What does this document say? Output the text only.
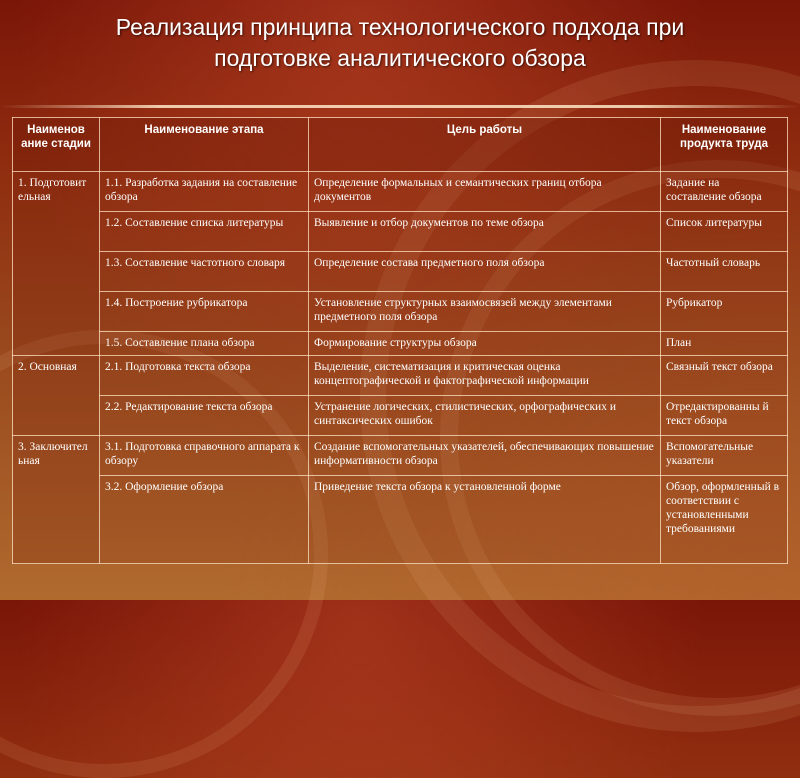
Реализация принципа технологического подхода при
подготовке аналитического обзора
Наименов ание стадии	Наименование этапа	Цель работы	Наименование продукта труда
1. Подготовит ельная	1.1. Разработка задания на составление обзора	Определение формальных и семантических границ отбора документов	Задание на составление обзора
	1.2. Составление списка литературы	Выявление и отбор документов по теме обзора	Список литературы
	1.3. Составление частотного словаря	Определение состава предметного поля обзора	Частотный словарь
	1.4. Построение рубрикатора	Установление структурных взаимосвязей между элементами предметного поля обзора	Рубрикатор
	1.5. Составление плана обзора	Формирование структуры обзора	План
2. Основная	2.1. Подготовка текста обзора	Выделение, систематизация и критическая оценка концептографической и фактографической информации	Связный текст обзора
	2.2. Редактирование текста обзора	Устранение логических, стилистических, орфографических и синтаксических ошибок	Отредактированны й текст обзора
3. Заключител ьная	3.1. Подготовка справочного аппарата к обзору	Создание вспомогательных указателей, обеспечивающих повышение информативности обзора	Вспомогательные указатели
	3.2. Оформление обзора	Приведение текста обзора к установленной форме	Обзор, оформленный в соответствии с установленными требованиями
